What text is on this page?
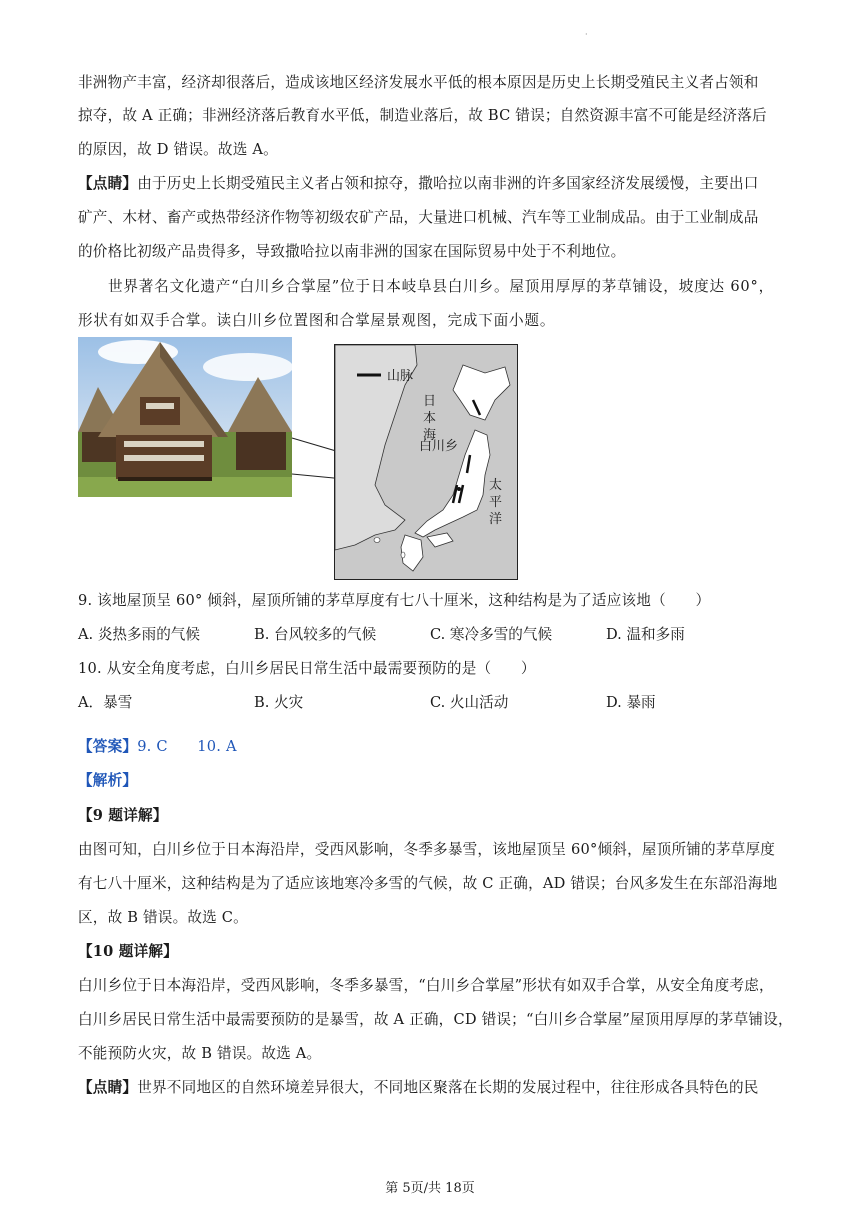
·
非洲物产丰富，经济却很落后，造成该地区经济发展水平低的根本原因是历史上长期受殖民主义者占领和
掠夺，故 A 正确；非洲经济落后教育水平低，制造业落后，故 BC 错误；自然资源丰富不可能是经济落后
的原因，故 D 错误。故选 A。
【点睛】由于历史上长期受殖民主义者占领和掠夺，撒哈拉以南非洲的许多国家经济发展缓慢，主要出口
矿产、木材、畜产或热带经济作物等初级农矿产品，大量进口机械、汽车等工业制成品。由于工业制成品
的价格比初级产品贵得多，导致撒哈拉以南非洲的国家在国际贸易中处于不利地位。
世界著名文化遗产“白川乡合掌屋”位于日本岐阜县白川乡。屋顶用厚厚的茅草铺设，坡度达 60°，
形状有如双手合掌。读白川乡位置图和合掌屋景观图，完成下面小题。
山脉
日本海
白川乡
太平洋
9. 该地屋顶呈 60° 倾斜，屋顶所铺的茅草厚度有七八十厘米，这种结构是为了适应该地（　　）
A. 炎热多雨的气候	B. 台风较多的气候	C. 寒冷多雪的气候	D. 温和多雨
10. 从安全角度考虑，白川乡居民日常生活中最需要预防的是（　　）
A．暴雪	B. 火灾	C. 火山活动	D. 暴雨
【答案】9. C　　10. A
【解析】
【9 题详解】
由图可知，白川乡位于日本海沿岸，受西风影响，冬季多暴雪，该地屋顶呈 60°倾斜，屋顶所铺的茅草厚度
有七八十厘米，这种结构是为了适应该地寒冷多雪的气候，故 C 正确，AD 错误；台风多发生在东部沿海地
区，故 B 错误。故选 C。
【10 题详解】
白川乡位于日本海沿岸，受西风影响，冬季多暴雪，“白川乡合掌屋”形状有如双手合掌，从安全角度考虑，
白川乡居民日常生活中最需要预防的是暴雪，故 A 正确，CD 错误；“白川乡合掌屋”屋顶用厚厚的茅草铺设，
不能预防火灾，故 B 错误。故选 A。
【点睛】世界不同地区的自然环境差异很大，不同地区聚落在长期的发展过程中，往往形成各具特色的民
第 5页/共 18页
